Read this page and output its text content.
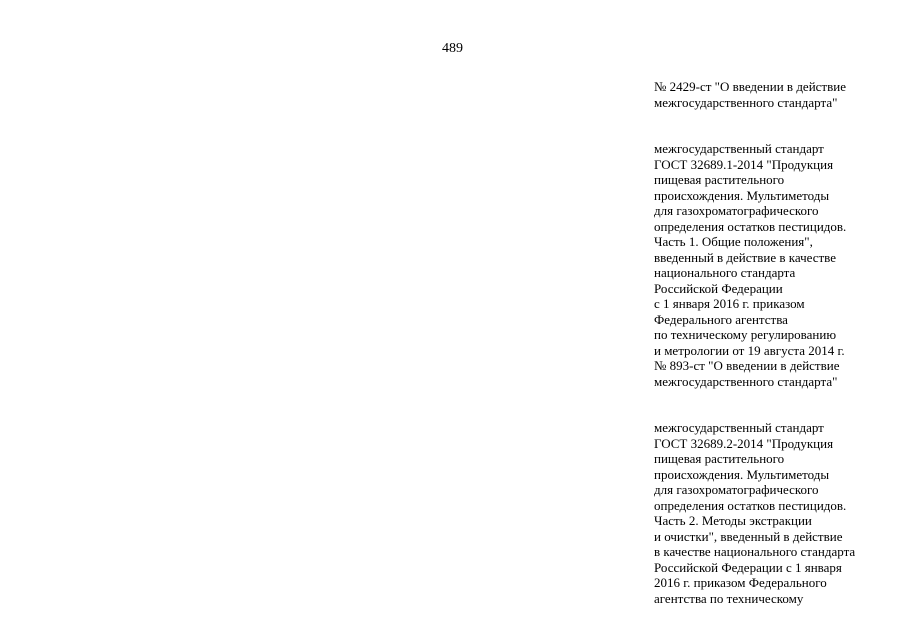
489
№ 2429-ст "О введении в действие
межгосударственного стандарта"
межгосударственный стандарт
ГОСТ 32689.1-2014 "Продукция
пищевая растительного
происхождения. Мультиметоды
для газохроматографического
определения остатков пестицидов.
Часть 1. Общие положения",
введенный в действие в качестве
национального стандарта
Российской Федерации
с 1 января 2016 г. приказом
Федерального агентства
по техническому регулированию
и метрологии от 19 августа 2014 г.
№ 893-ст "О введении в действие
межгосударственного стандарта"
межгосударственный стандарт
ГОСТ 32689.2-2014 "Продукция
пищевая растительного
происхождения. Мультиметоды
для газохроматографического
определения остатков пестицидов.
Часть 2. Методы экстракции
и очистки", введенный в действие
в качестве национального стандарта
Российской Федерации с 1 января
2016 г. приказом Федерального
агентства по техническому
